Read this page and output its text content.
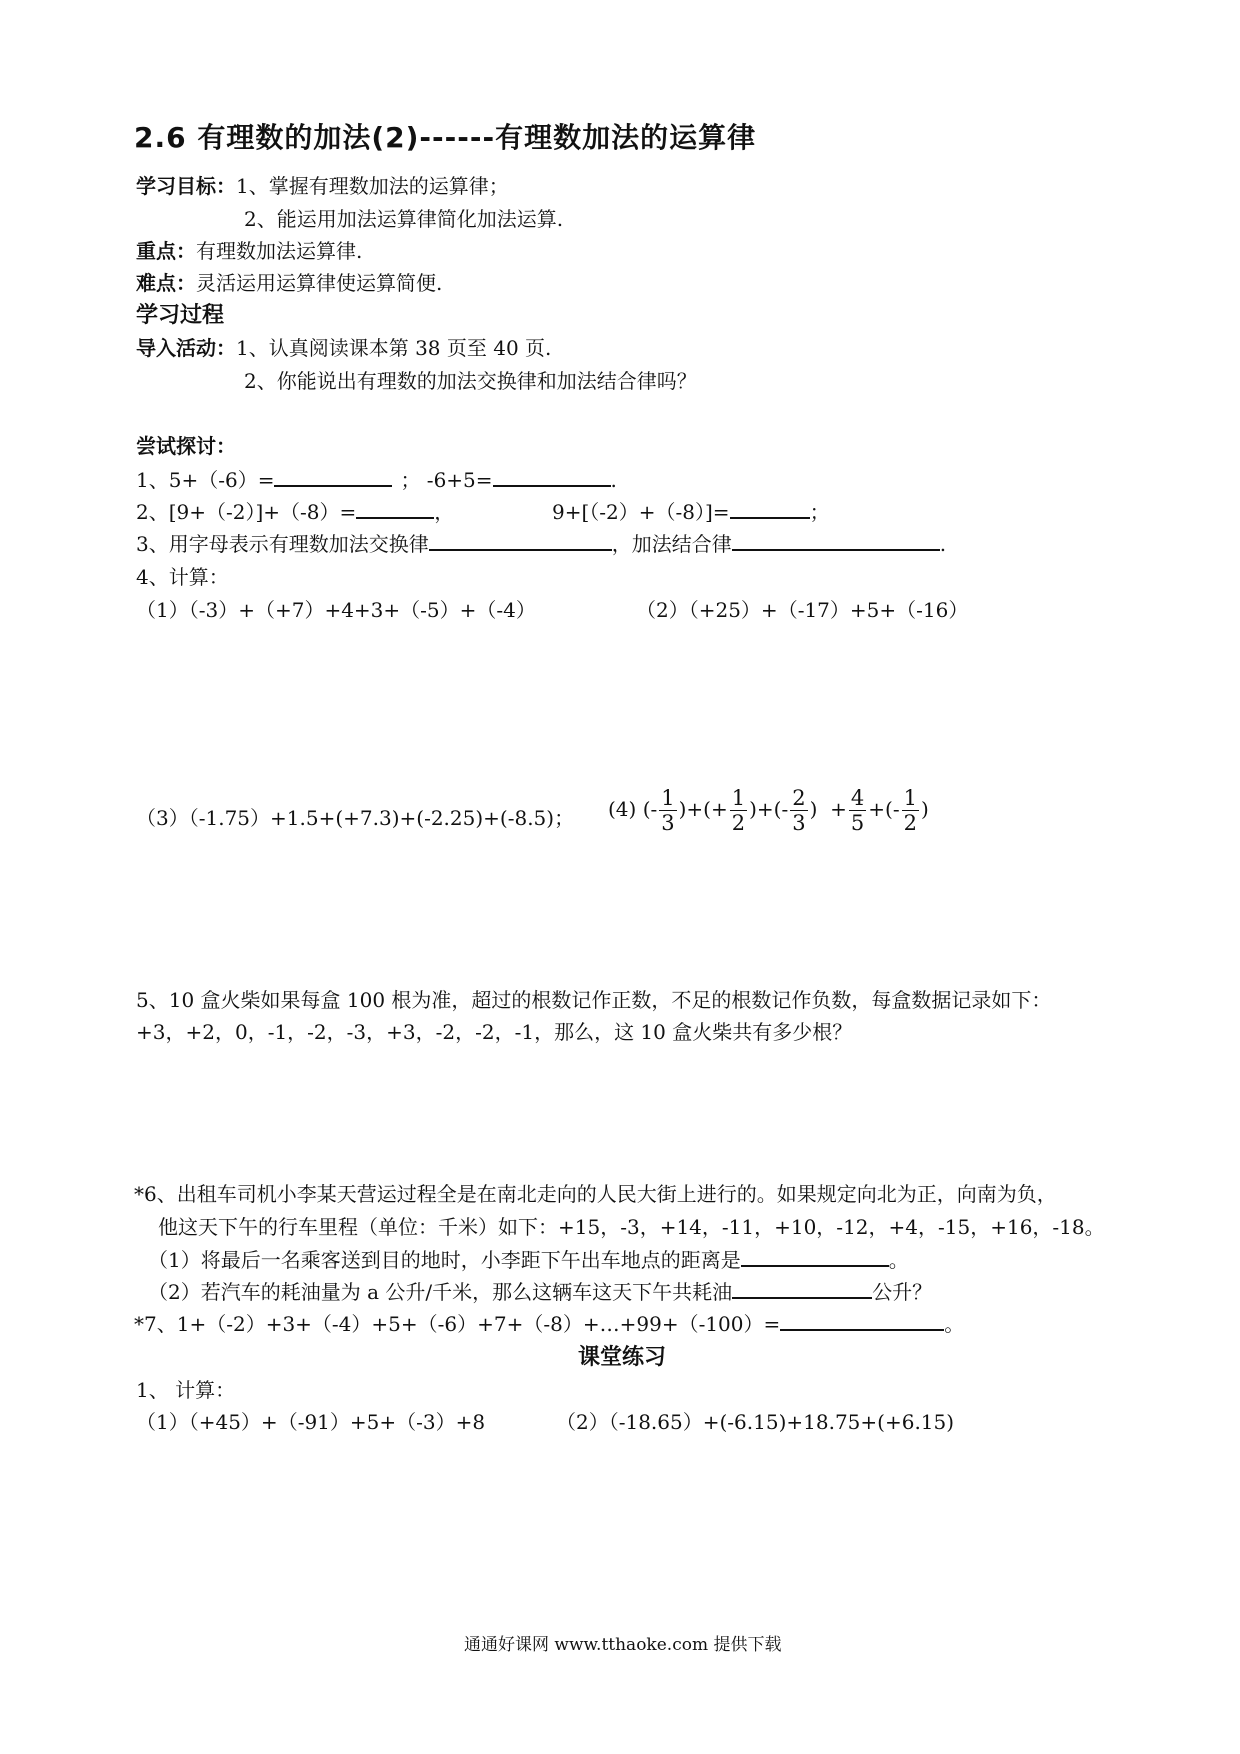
2.6 有理数的加法(2)------有理数加法的运算律
学习目标：1、掌握有理数加法的运算律；
2、能运用加法运算律简化加法运算.
重点：有理数加法运算律.
难点：灵活运用运算律使运算简便.
学习过程
导入活动：1、认真阅读课本第 38 页至 40 页.
2、你能说出有理数的加法交换律和加法结合律吗？
尝试探讨：
1、5+（-6）=	； -6+5=	.
2、[9+（-2）]+（-8）=	，	9+[（-2）+（-8）]=	；
3、用字母表示有理数加法交换律	，加法结合律	.
4、计算：
（1）（-3）+（+7）+4+3+（-5）+（-4）	（2）（+25）+（-17）+5+（-16）
（3）（-1.75）+1.5+(+7.3)+(-2.25)+(-8.5)； (4) (- $\frac{1}{3}$ )+(+ $\frac{1}{2}$ )+(- $\frac{2}{3}$ )  + $\frac{4}{5}$ +(- $\frac{1}{2}$ )
5、10 盒火柴如果每盒 100 根为准，超过的根数记作正数，不足的根数记作负数，每盒数据记录如下：
+3，+2，0，-1，-2，-3，+3，-2，-2，-1，那么，这 10 盒火柴共有多少根？
*6、出租车司机小李某天营运过程全是在南北走向的人民大街上进行的。如果规定向北为正，向南为负，
他这天下午的行车里程（单位：千米）如下：+15，-3，+14，-11，+10，-12，+4，-15，+16，-18。
（1）将最后一名乘客送到目的地时，小李距下午出车地点的距离是	。
（2）若汽车的耗油量为 a 公升/千米，那么这辆车这天下午共耗油	公升？
*7、1+（-2）+3+（-4）+5+（-6）+7+（-8）+…+99+（-100）=	。
课堂练习
1、 计算：
（1）（+45）+（-91）+5+（-3）+8	（2）（-18.65）+(-6.15)+18.75+(+6.15)
通通好课网 www.tthaoke.com 提供下载
